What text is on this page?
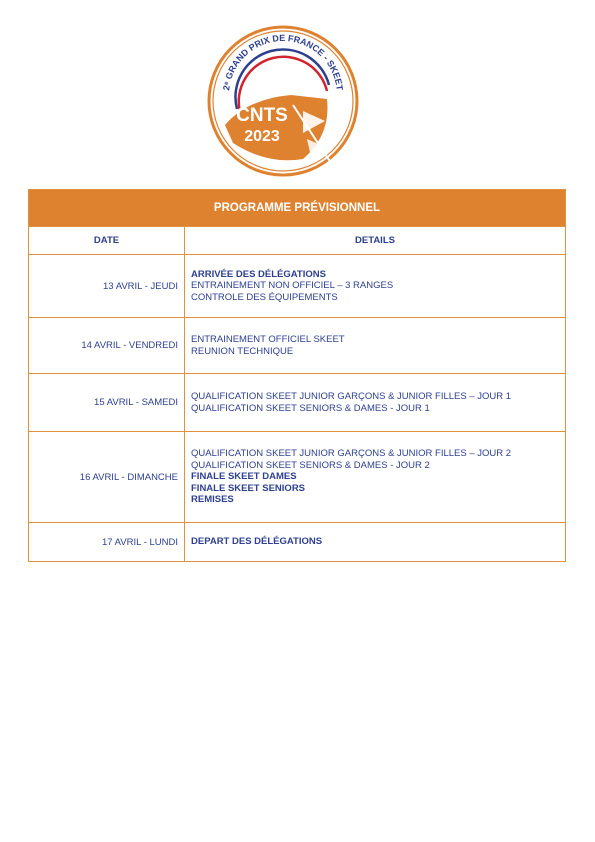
2ᵉ GRAND PRIX DE FRANCE - SKEET
CNTS
2023
PROGRAMME PRÉVISIONNEL	
DATE	DETAILS
13 AVRIL - JEUDI	ARRIVÉE DES DÉLÉGATIONS
ENTRAINEMENT NON OFFICIEL – 3 RANGES
CONTROLE DES ÉQUIPEMENTS

14 AVRIL - VENDREDI	ENTRAINEMENT OFFICIEL SKEET
REUNION TECHNIQUE

15 AVRIL - SAMEDI	QUALIFICATION SKEET JUNIOR GARÇONS & JUNIOR FILLES – JOUR 1
QUALIFICATION SKEET SENIORS & DAMES - JOUR 1

16 AVRIL - DIMANCHE	QUALIFICATION SKEET JUNIOR GARÇONS & JUNIOR FILLES – JOUR 2
QUALIFICATION SKEET SENIORS & DAMES - JOUR 2
FINALE SKEET DAMES
FINALE SKEET SENIORS
REMISES

17 AVRIL - LUNDI	DEPART DES DÉLÉGATIONS
